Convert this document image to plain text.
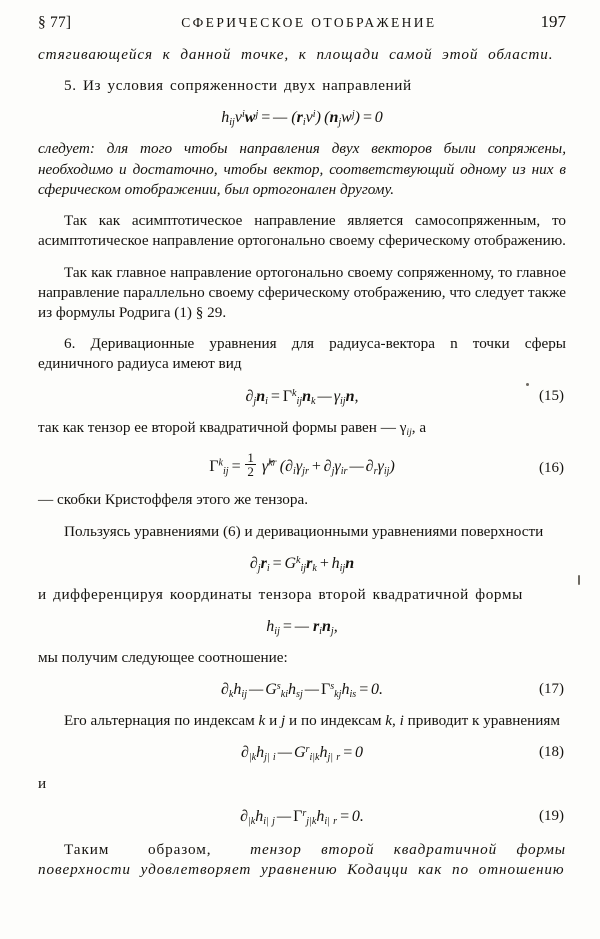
§ 77]	СФЕРИЧЕСКОЕ ОТОБРАЖЕНИЕ	197

стягивающейся к данной точке, к площади самой этой области.

5. Из условия сопряженности двух направлений

$h_{ij}v^iw^j$ = — $(r_iv^i) (n_jw^j) = 0$

следует: для того чтобы направления двух векторов были сопряжены, необходимо и достаточно, чтобы вектор, соответствующий одному из них в сферическом отображении, был ортогонален другому.

Так как асимптотическое направление является самосопряженным, то асимптотическое направление ортогонально своему сферическому отображению.

Так как главное направление ортогонально своему сопряженному, то главное направление параллельно своему сферическому отображению, что следует также из формулы Родрига (1) § 29.

6. Деривационные уравнения для радиуса-вектора n точки сферы единичного радиуса имеют вид

$\partial_jn_i = \Gamma^k_{ij}n_k$ — $\gamma_{ij}n$,	(15)

так как тензор ее второй квадратичной формы равен — $\gamma_{ij}$, а

$\Gamma^k_{ij} = \frac{1}{2}$ γ̌$^{kr}$ ($\partial_i\gamma_{jr} + \partial_j\gamma_{ir}$ — $\partial_r\gamma_{ij}$)	(16)

— скобки Кристоффеля этого же тензора.

Пользуясь уравнениями (6) и деривационными уравнениями поверхности

$\partial_jr_i = G^k_{ij}r_k + h_{ij}n$

и дифференцируя координаты тензора второй квадратичной формы

$h_{ij}$ = — $r_in_j$,

мы получим следующее соотношение:

$\partial_kh_{ij}$ — $G^s_{ki}h_{sj}$ — $\Gamma^s_{kj}h_{is} = 0$.	(17)

Его альтернация по индексам k и j и по индексам k, i приводит к уравнениям

$\partial_{|k}h_{j|}$  $_i$ — $G^r_{i|k}h_{j|}$  $_r$ = 0	(18)

и

$\partial_{|k}h_{i|}$  $_j$ — $\Gamma^r_{j|k}h_{i|}$  $_r$ = 0.	(19)

Таким  образом,  тензор второй квадратичной формы поверхности удовлетворяет уравнению Кодацци как по отношению
